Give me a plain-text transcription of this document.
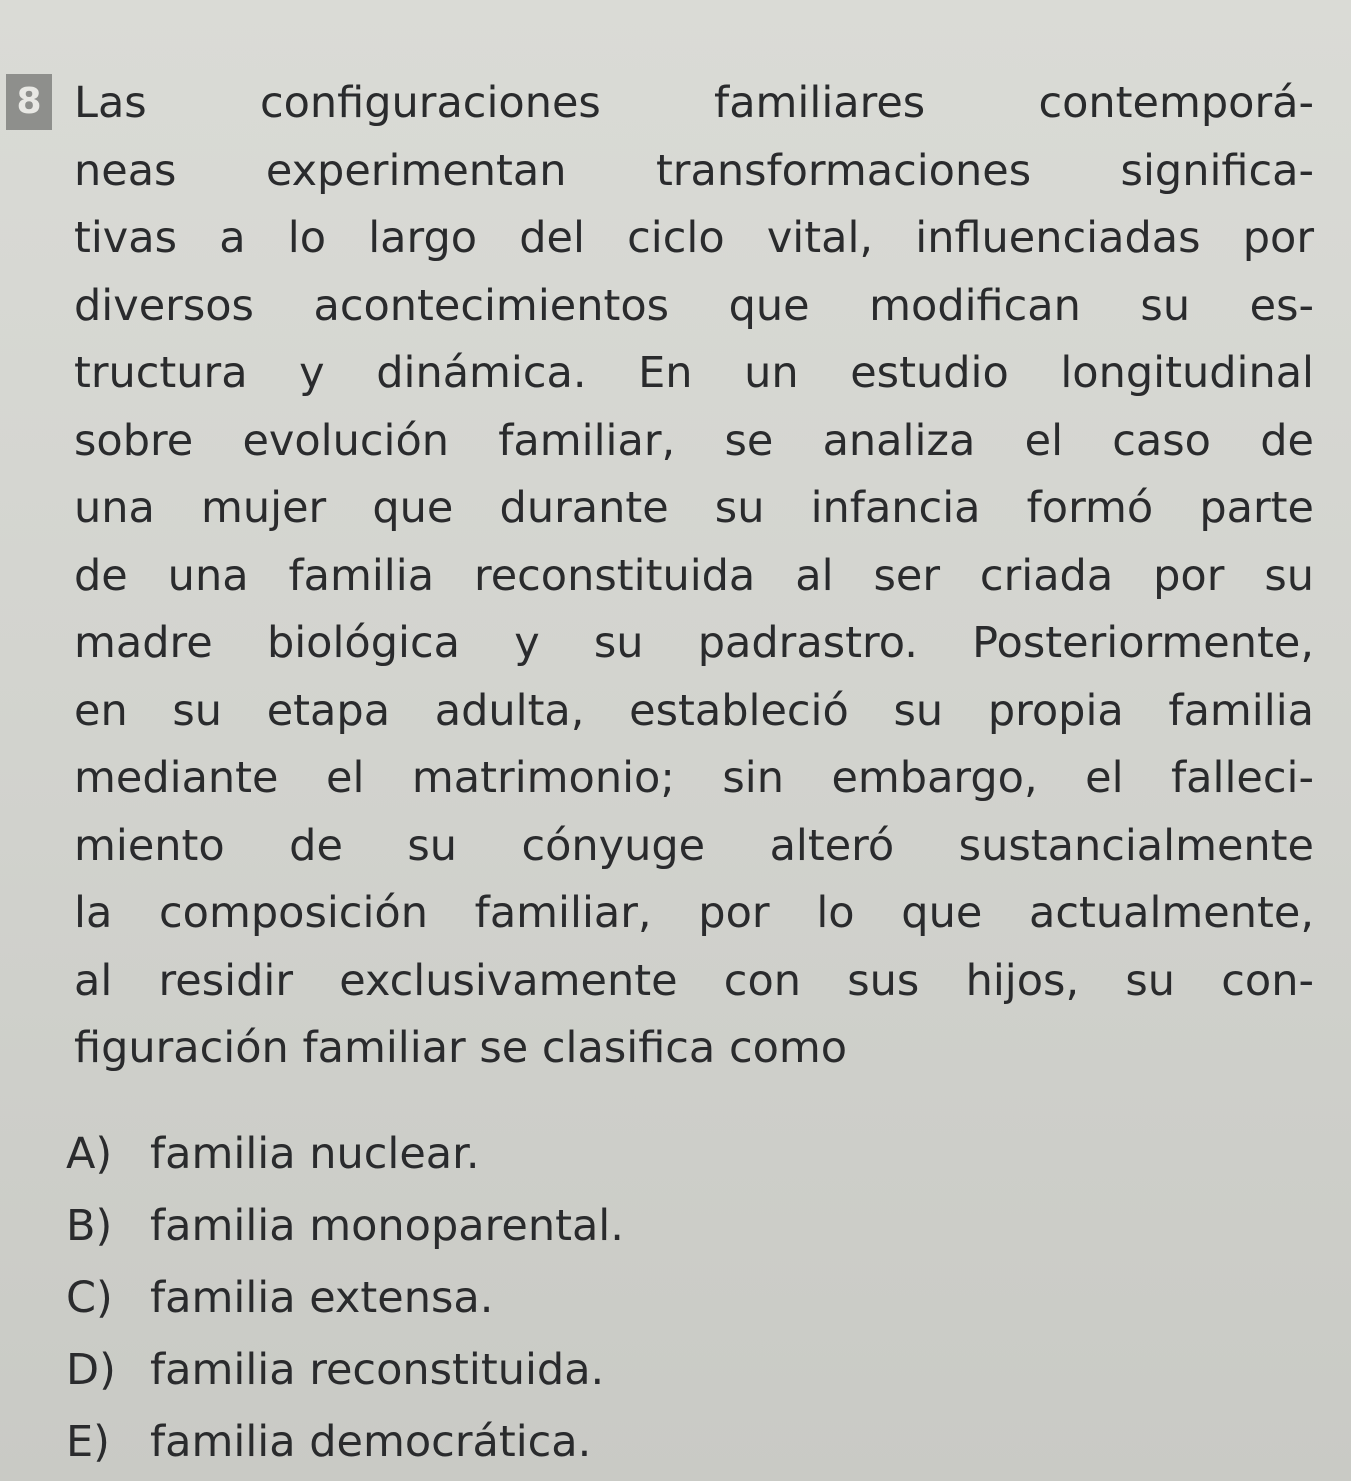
8 Las configuraciones familiares contemporá-
neas experimentan transformaciones significa-
tivas a lo largo del ciclo vital, influenciadas por
diversos acontecimientos que modifican su es-
tructura y dinámica. En un estudio longitudinal
sobre evolución familiar, se analiza el caso de
una mujer que durante su infancia formó parte
de una familia reconstituida al ser criada por su
madre biológica y su padrastro. Posteriormente,
en su etapa adulta, estableció su propia familia
mediante el matrimonio; sin embargo, el falleci-
miento de su cónyuge alteró sustancialmente
la composición familiar, por lo que actualmente,
al residir exclusivamente con sus hijos, su con-
figuración familiar se clasifica como
A) familia nuclear.
B) familia monoparental.
C) familia extensa.
D) familia reconstituida.
E) familia democrática.
